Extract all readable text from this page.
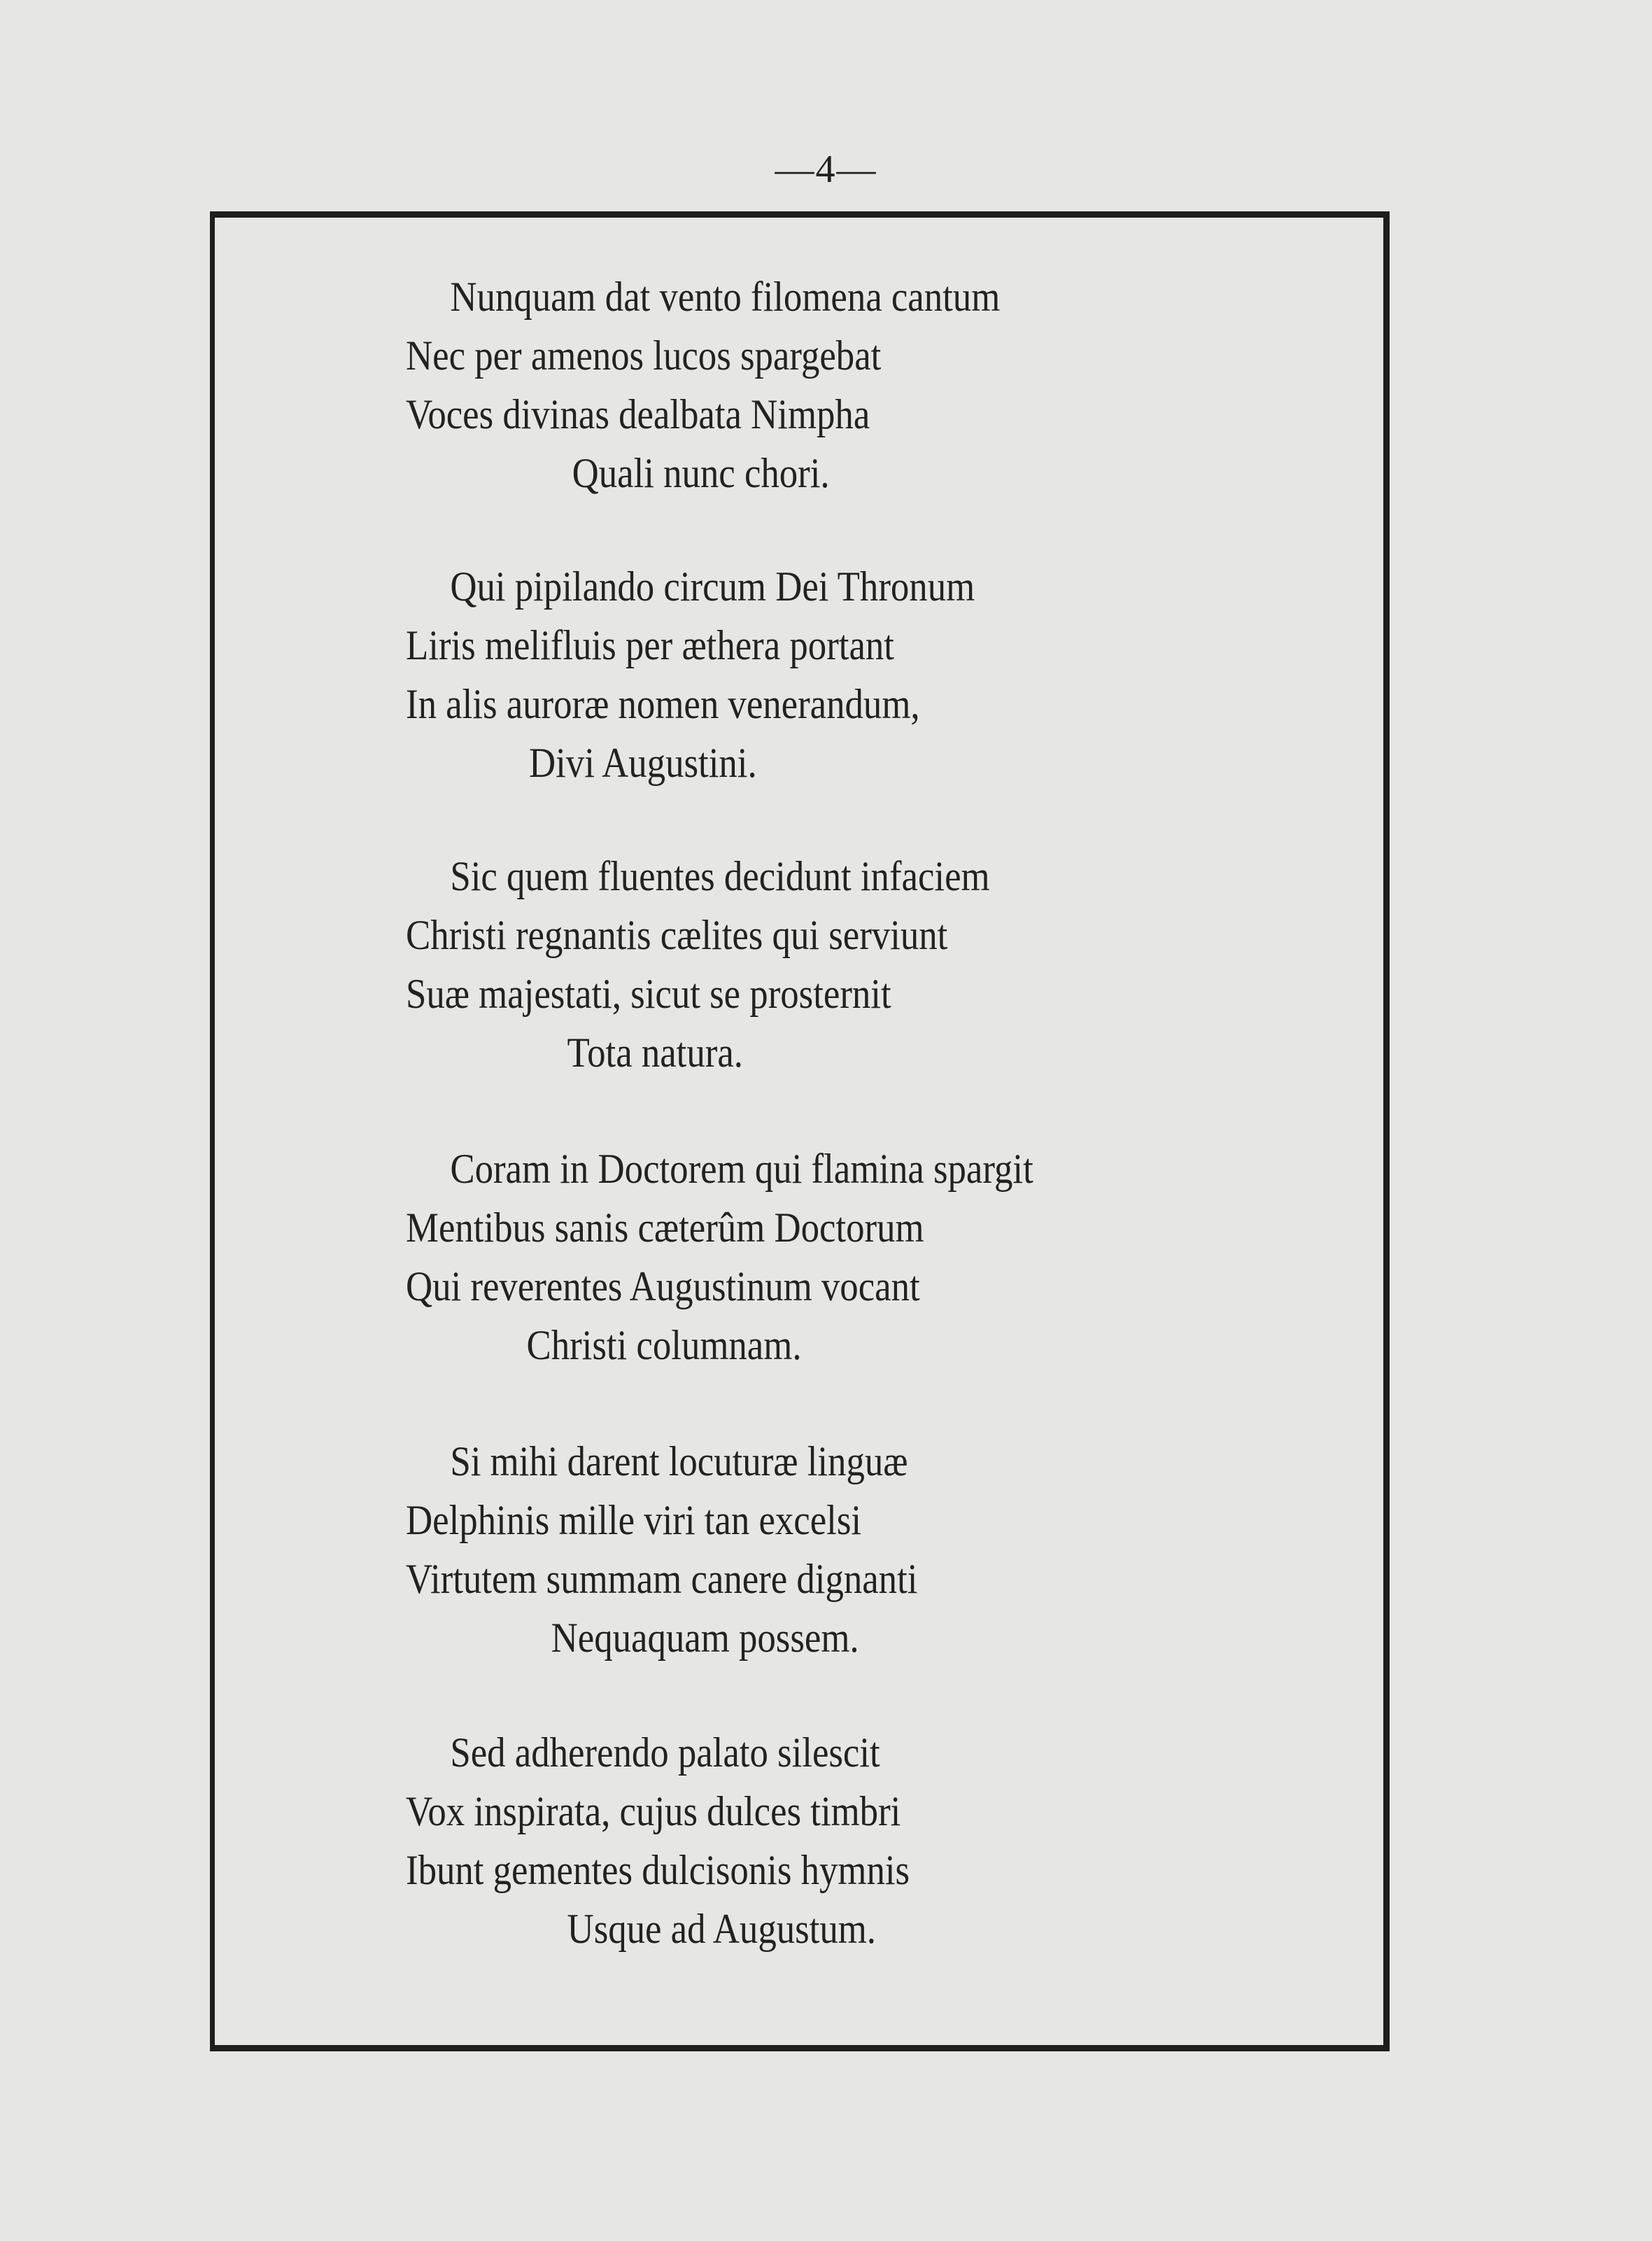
—4—
Nunquam dat vento filomena cantum
Nec per amenos lucos spargebat
Voces divinas dealbata Nimpha
Quali nunc chori.
Qui pipilando circum Dei Thronum
Liris melifluis per æthera portant
In alis auroræ nomen venerandum,
Divi Augustini.
Sic quem fluentes decidunt infaciem
Christi regnantis cælites qui serviunt
Suæ majestati, sicut se prosternit
Tota natura.
Coram in Doctorem qui flamina spargit
Mentibus sanis cæterûm Doctorum
Qui reverentes Augustinum vocant
Christi columnam.
Si mihi darent locuturæ linguæ
Delphinis mille viri tan excelsi
Virtutem summam canere dignanti
Nequaquam possem.
Sed adherendo palato silescit
Vox inspirata, cujus dulces timbri
Ibunt gementes dulcisonis hymnis
Usque ad Augustum.
